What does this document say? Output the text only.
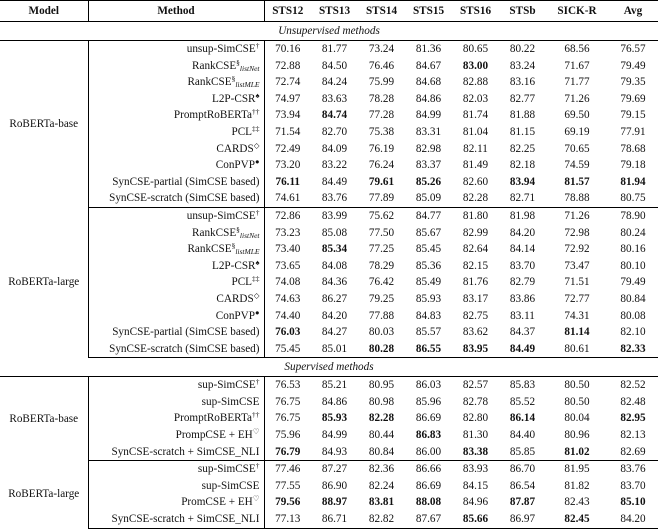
Model	Method	STS12	STS13	STS14	STS15	STS16	STSb	SICK-R	Avg
Unsupervised methods									
RoBERTa-base	unsup-SimCSE†	70.16	81.77	73.24	81.36	80.65	80.22	68.56	76.57
	RankCSE§$_{listNet}$	72.88	84.50	76.46	84.67	83.00	83.24	71.67	79.49
	RankCSE§$_{listMLE}$	72.74	84.24	75.99	84.68	82.88	83.16	71.77	79.35
	L2P-CSR♠	74.97	83.63	78.28	84.86	82.03	82.77	71.26	79.69
	PromptRoBERTa††	73.94	84.74	77.28	84.99	81.74	81.88	69.50	79.15
	PCL‡‡	71.54	82.70	75.38	83.31	81.04	81.15	69.19	77.91
	CARDS◇	72.49	84.09	76.19	82.98	82.11	82.25	70.65	78.68
	ConPVP●	73.20	83.22	76.24	83.37	81.49	82.18	74.59	79.18
	SynCSE-partial (SimCSE based)	76.11	84.49	79.61	85.26	82.60	83.94	81.57	81.94
	SynCSE-scratch (SimCSE based)	74.61	83.76	77.89	85.09	82.28	82.71	78.88	80.75
RoBERTa-large	unsup-SimCSE†	72.86	83.99	75.62	84.77	81.80	81.98	71.26	78.90
	RankCSE§$_{listNet}$	73.23	85.08	77.50	85.67	82.99	84.20	72.98	80.24
	RankCSE§$_{listMLE}$	73.40	85.34	77.25	85.45	82.64	84.14	72.92	80.16
	L2P-CSR♠	73.65	84.08	78.29	85.36	82.15	83.70	73.47	80.10
	PCL‡‡	74.08	84.36	76.42	85.49	81.76	82.79	71.51	79.49
	CARDS◇	74.63	86.27	79.25	85.93	83.17	83.86	72.77	80.84
	ConPVP●	74.40	84.20	77.88	84.83	82.75	83.11	74.31	80.08
	SynCSE-partial (SimCSE based)	76.03	84.27	80.03	85.57	83.62	84.37	81.14	82.10
	SynCSE-scratch (SimCSE based)	75.45	85.01	80.28	86.55	83.95	84.49	80.61	82.33
Supervised methods									
RoBERTa-base	sup-SimCSE†	76.53	85.21	80.95	86.03	82.57	85.83	80.50	82.52
	sup-SimCSE	76.75	84.86	80.98	85.96	82.78	85.52	80.50	82.48
	PromptRoBERTa††	76.75	85.93	82.28	86.69	82.80	86.14	80.04	82.95
	PrompCSE + EH♡	75.96	84.99	80.44	86.83	81.30	84.40	80.96	82.13
	SynCSE-scratch + SimCSE_NLI	76.79	84.93	80.84	86.00	83.38	85.85	81.02	82.69
RoBERTa-large	sup-SimCSE†	77.46	87.27	82.36	86.66	83.93	86.70	81.95	83.76
	sup-SimCSE	77.55	86.90	82.24	86.69	84.15	86.54	81.82	83.70
	PromCSE + EH♡	79.56	88.97	83.81	88.08	84.96	87.87	82.43	85.10
	SynCSE-scratch + SimCSE_NLI	77.13	86.71	82.82	87.67	85.66	86.97	82.45	84.20
